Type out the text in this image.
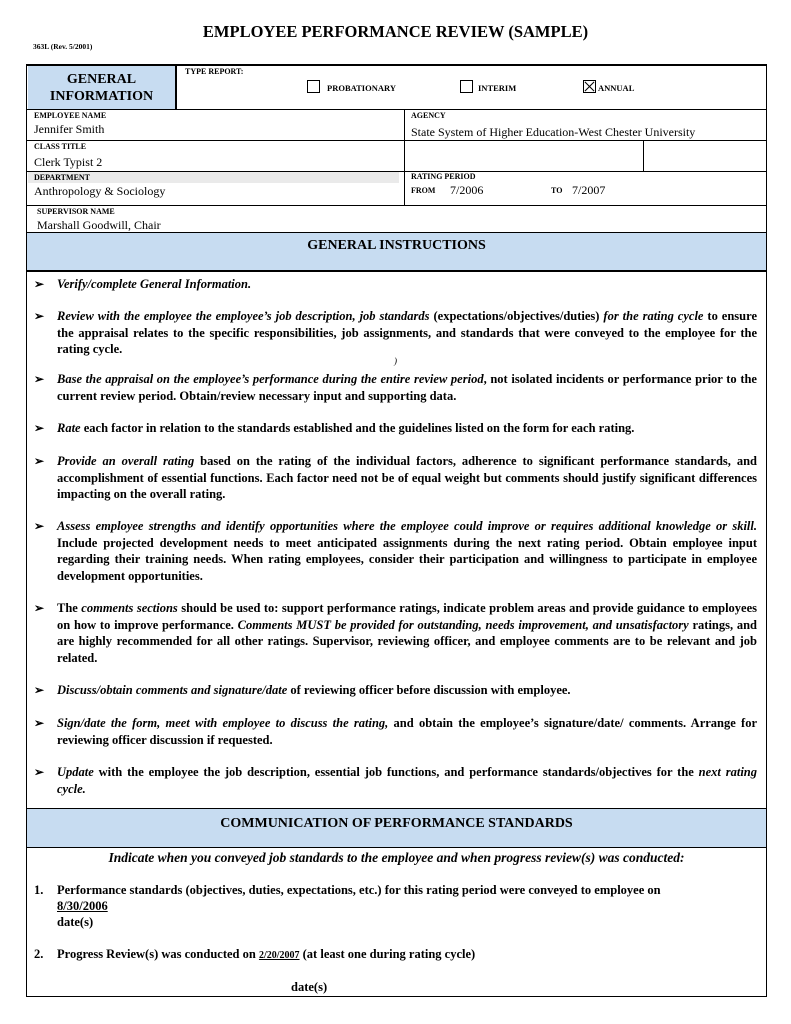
EMPLOYEE PERFORMANCE REVIEW (SAMPLE)
363L (Rev. 5/2001)
GENERAL INFORMATION
TYPE REPORT:
PROBATIONARY	INTERIM	ANNUAL
EMPLOYEE NAME
Jennifer Smith
AGENCY
State System of Higher Education-West Chester University
CLASS TITLE
Clerk Typist 2
DEPARTMENT
Anthropology & Sociology
RATING PERIOD
FROM 7/2006	TO 7/2007
SUPERVISOR NAME
Marshall Goodwill, Chair
GENERAL INSTRUCTIONS
➢ Verify/complete General Information.
➢ Review with the employee the employee’s job description, job standards (expectations/objectives/duties) for the rating cycle to ensure the appraisal relates to the specific responsibilities, job assignments, and standards that were conveyed to the employee for the rating cycle.
)
➢ Base the appraisal on the employee’s performance during the entire review period, not isolated incidents or performance prior to the current review period. Obtain/review necessary input and supporting data.
➢ Rate each factor in relation to the standards established and the guidelines listed on the form for each rating.
➢ Provide an overall rating based on the rating of the individual factors, adherence to significant performance standards, and accomplishment of essential functions. Each factor need not be of equal weight but comments should justify significant differences impacting on the overall rating.
➢ Assess employee strengths and identify opportunities where the employee could improve or requires additional knowledge or skill. Include projected development needs to meet anticipated assignments during the next rating period. Obtain employee input regarding their training needs. When rating employees, consider their participation and willingness to participate in employee development opportunities.
➢ The comments sections should be used to: support performance ratings, indicate problem areas and provide guidance to employees on how to improve performance. Comments MUST be provided for outstanding, needs improvement, and unsatisfactory ratings, and are highly recommended for all other ratings. Supervisor, reviewing officer, and employee comments are to be relevant and job related.
➢ Discuss/obtain comments and signature/date of reviewing officer before discussion with employee.
➢ Sign/date the form, meet with employee to discuss the rating, and obtain the employee’s signature/date/ comments. Arrange for reviewing officer discussion if requested.
➢ Update with the employee the job description, essential job functions, and performance standards/objectives for the next rating cycle.
COMMUNICATION OF PERFORMANCE STANDARDS
Indicate when you conveyed job standards to the employee and when progress review(s) was conducted:
1. Performance standards (objectives, duties, expectations, etc.) for this rating period were conveyed to employee on
8/30/2006
date(s)
2. Progress Review(s) was conducted on 2/20/2007 (at least one during rating cycle)
date(s)
